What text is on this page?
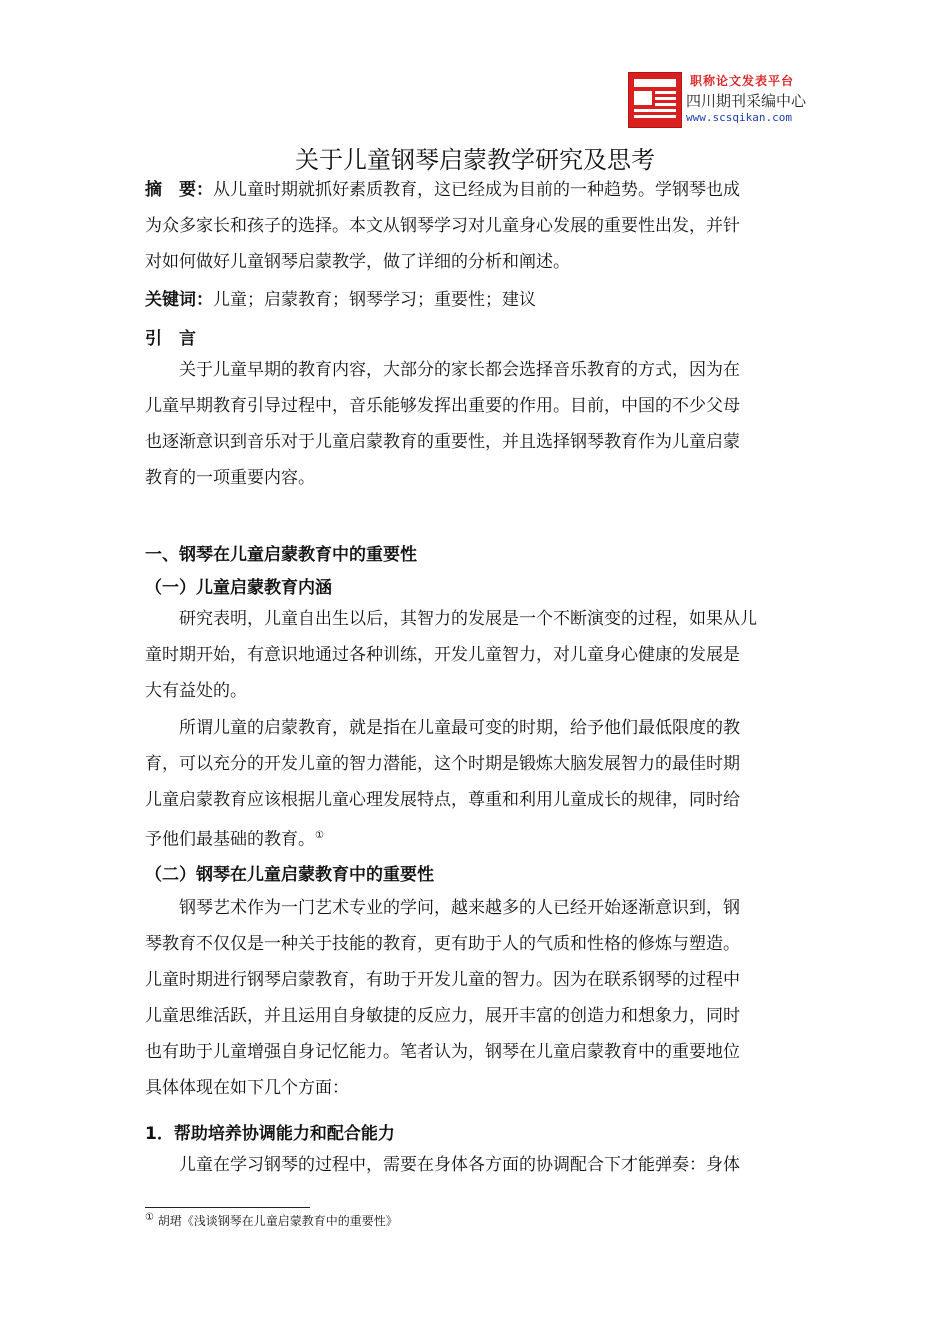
职称论文发表平台
四川期刊采编中心
www.scsqikan.com
关于儿童钢琴启蒙教学研究及思考
摘　要：从儿童时期就抓好素质教育，这已经成为目前的一种趋势。学钢琴也成
为众多家长和孩子的选择。本文从钢琴学习对儿童身心发展的重要性出发，并针
对如何做好儿童钢琴启蒙教学，做了详细的分析和阐述。
关键词：儿童；启蒙教育；钢琴学习；重要性；建议
引　言
关于儿童早期的教育内容，大部分的家长都会选择音乐教育的方式，因为在
儿童早期教育引导过程中，音乐能够发挥出重要的作用。目前，中国的不少父母
也逐渐意识到音乐对于儿童启蒙教育的重要性，并且选择钢琴教育作为儿童启蒙
教育的一项重要内容。
一、钢琴在儿童启蒙教育中的重要性
（一）儿童启蒙教育内涵
研究表明，儿童自出生以后，其智力的发展是一个不断演变的过程，如果从儿
童时期开始，有意识地通过各种训练，开发儿童智力，对儿童身心健康的发展是
大有益处的。
所谓儿童的启蒙教育，就是指在儿童最可变的时期，给予他们最低限度的教
育，可以充分的开发儿童的智力潜能，这个时期是锻炼大脑发展智力的最佳时期
儿童启蒙教育应该根据儿童心理发展特点，尊重和利用儿童成长的规律，同时给
予他们最基础的教育。①
（二）钢琴在儿童启蒙教育中的重要性
钢琴艺术作为一门艺术专业的学问，越来越多的人已经开始逐渐意识到，钢
琴教育不仅仅是一种关于技能的教育，更有助于人的气质和性格的修炼与塑造。
儿童时期进行钢琴启蒙教育，有助于开发儿童的智力。因为在联系钢琴的过程中
儿童思维活跃，并且运用自身敏捷的反应力，展开丰富的创造力和想象力，同时
也有助于儿童增强自身记忆能力。笔者认为，钢琴在儿童启蒙教育中的重要地位
具体体现在如下几个方面：
1．帮助培养协调能力和配合能力
儿童在学习钢琴的过程中，需要在身体各方面的协调配合下才能弹奏：身体
① 胡珺《浅谈钢琴在儿童启蒙教育中的重要性》
